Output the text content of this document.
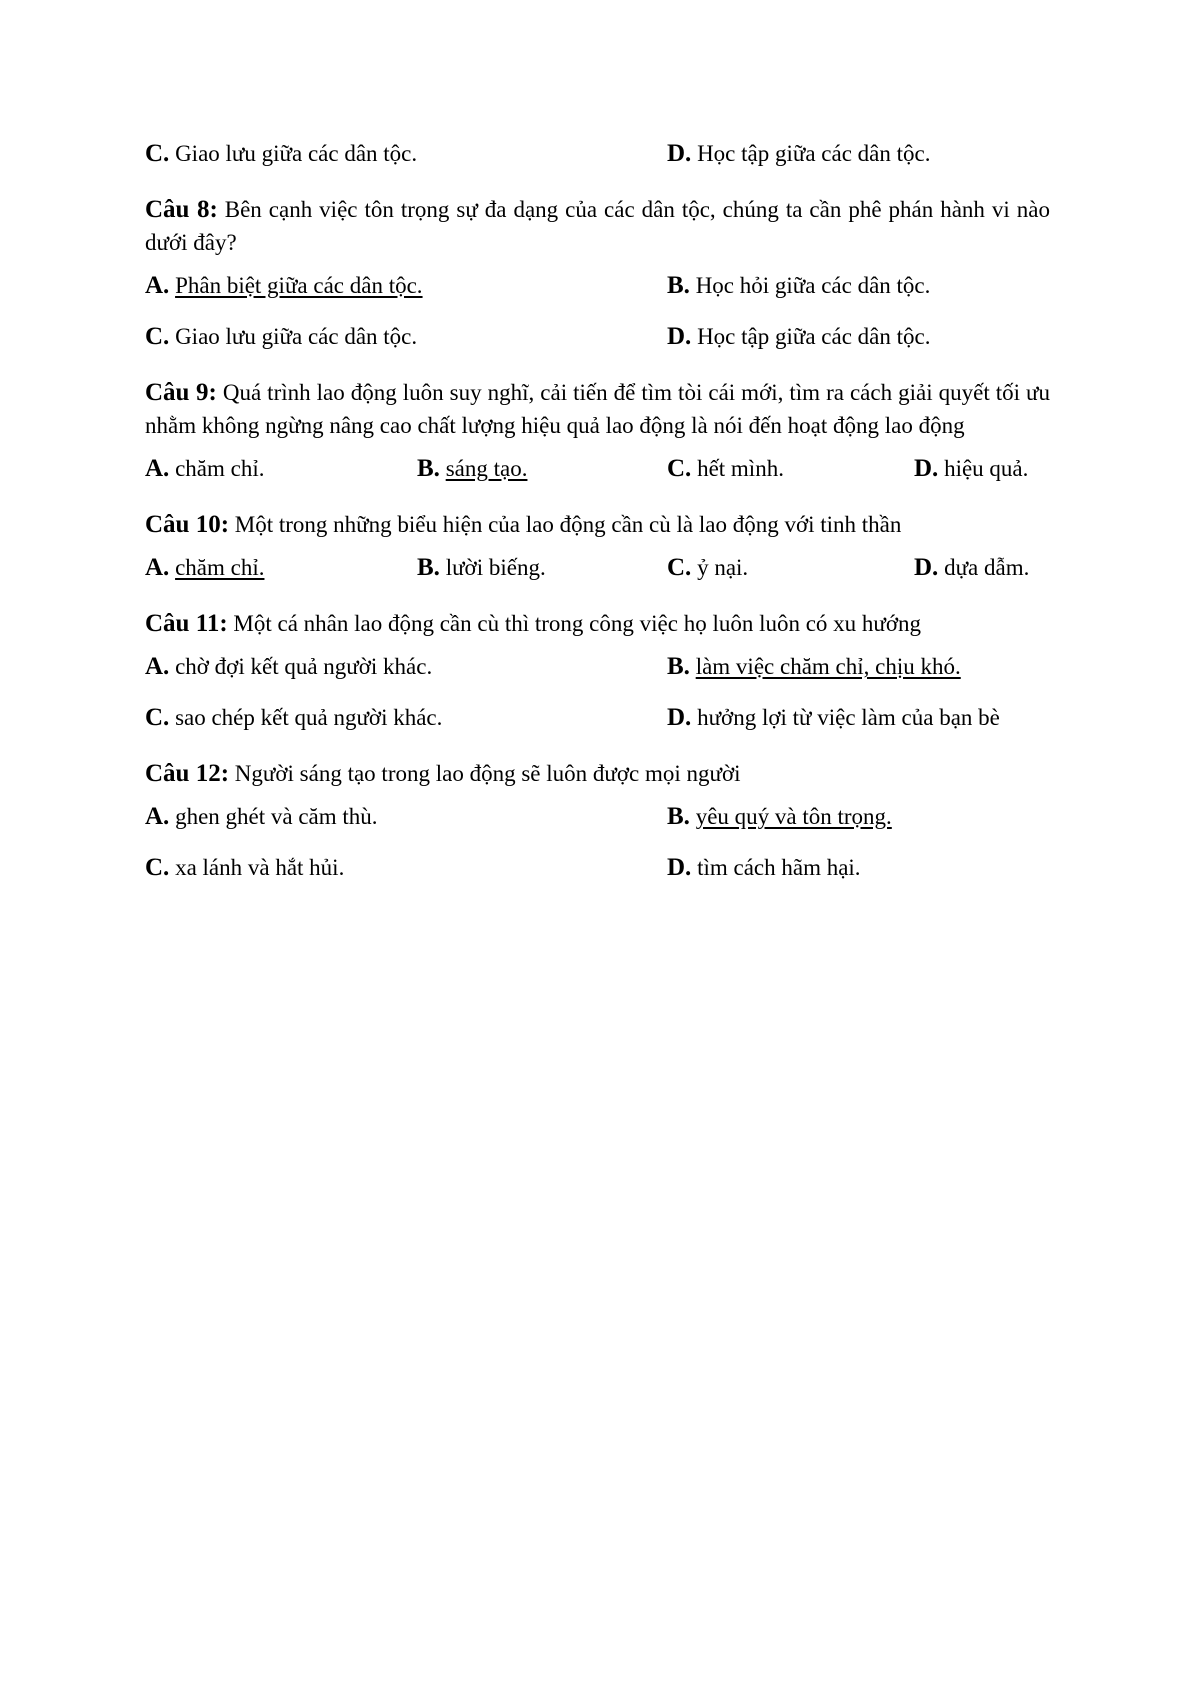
C. Giao lưu giữa các dân tộc.	D. Học tập giữa các dân tộc.
Câu 8: Bên cạnh việc tôn trọng sự đa dạng của các dân tộc, chúng ta cần phê phán hành vi nào dưới đây?
A. Phân biệt giữa các dân tộc.	B. Học hỏi giữa các dân tộc.
C. Giao lưu giữa các dân tộc.	D. Học tập giữa các dân tộc.
Câu 9: Quá trình lao động luôn suy nghĩ, cải tiến để tìm tòi cái mới, tìm ra cách giải quyết tối ưu nhằm không ngừng nâng cao chất lượng hiệu quả lao động là nói đến hoạt động lao động
A. chăm chỉ.	B. sáng tạo.	C. hết mình.	D. hiệu quả.
Câu 10: Một trong những biểu hiện của lao động cần cù là lao động với tinh thần
A. chăm chỉ.	B. lười biếng.	C. ỷ nại.	D. dựa dẫm.
Câu 11: Một cá nhân lao động cần cù thì trong công việc họ luôn luôn có xu hướng
A. chờ đợi kết quả người khác.	B. làm việc chăm chỉ, chịu khó.
C. sao chép kết quả người khác.	D. hưởng lợi từ việc làm của bạn bè
Câu 12: Người sáng tạo trong lao động sẽ luôn được mọi người
A. ghen ghét và căm thù.	B. yêu quý và tôn trọng.
C. xa lánh và hắt hủi.	D. tìm cách hãm hại.
